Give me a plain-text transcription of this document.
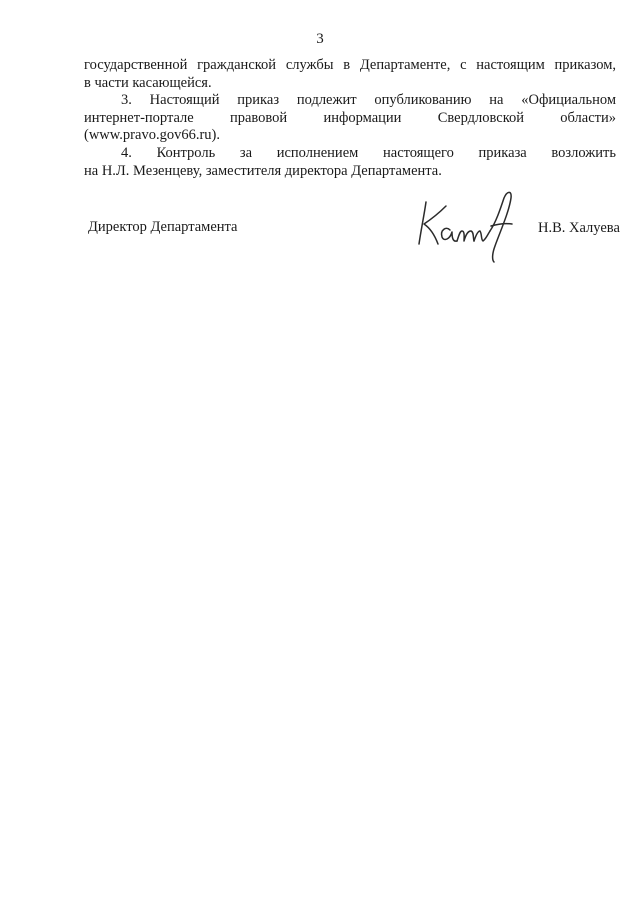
3
государственной гражданской службы в Департаменте, с настоящим приказом,
в части касающейся.
3. Настоящий приказ подлежит опубликованию на «Официальном
интернет-портале правовой информации Свердловской области»
(www.pravo.gov66.ru).
4. Контроль за исполнением настоящего приказа возложить
на Н.Л. Мезенцеву, заместителя директора Департамента.
Директор Департамента	Н.В. Халуева
